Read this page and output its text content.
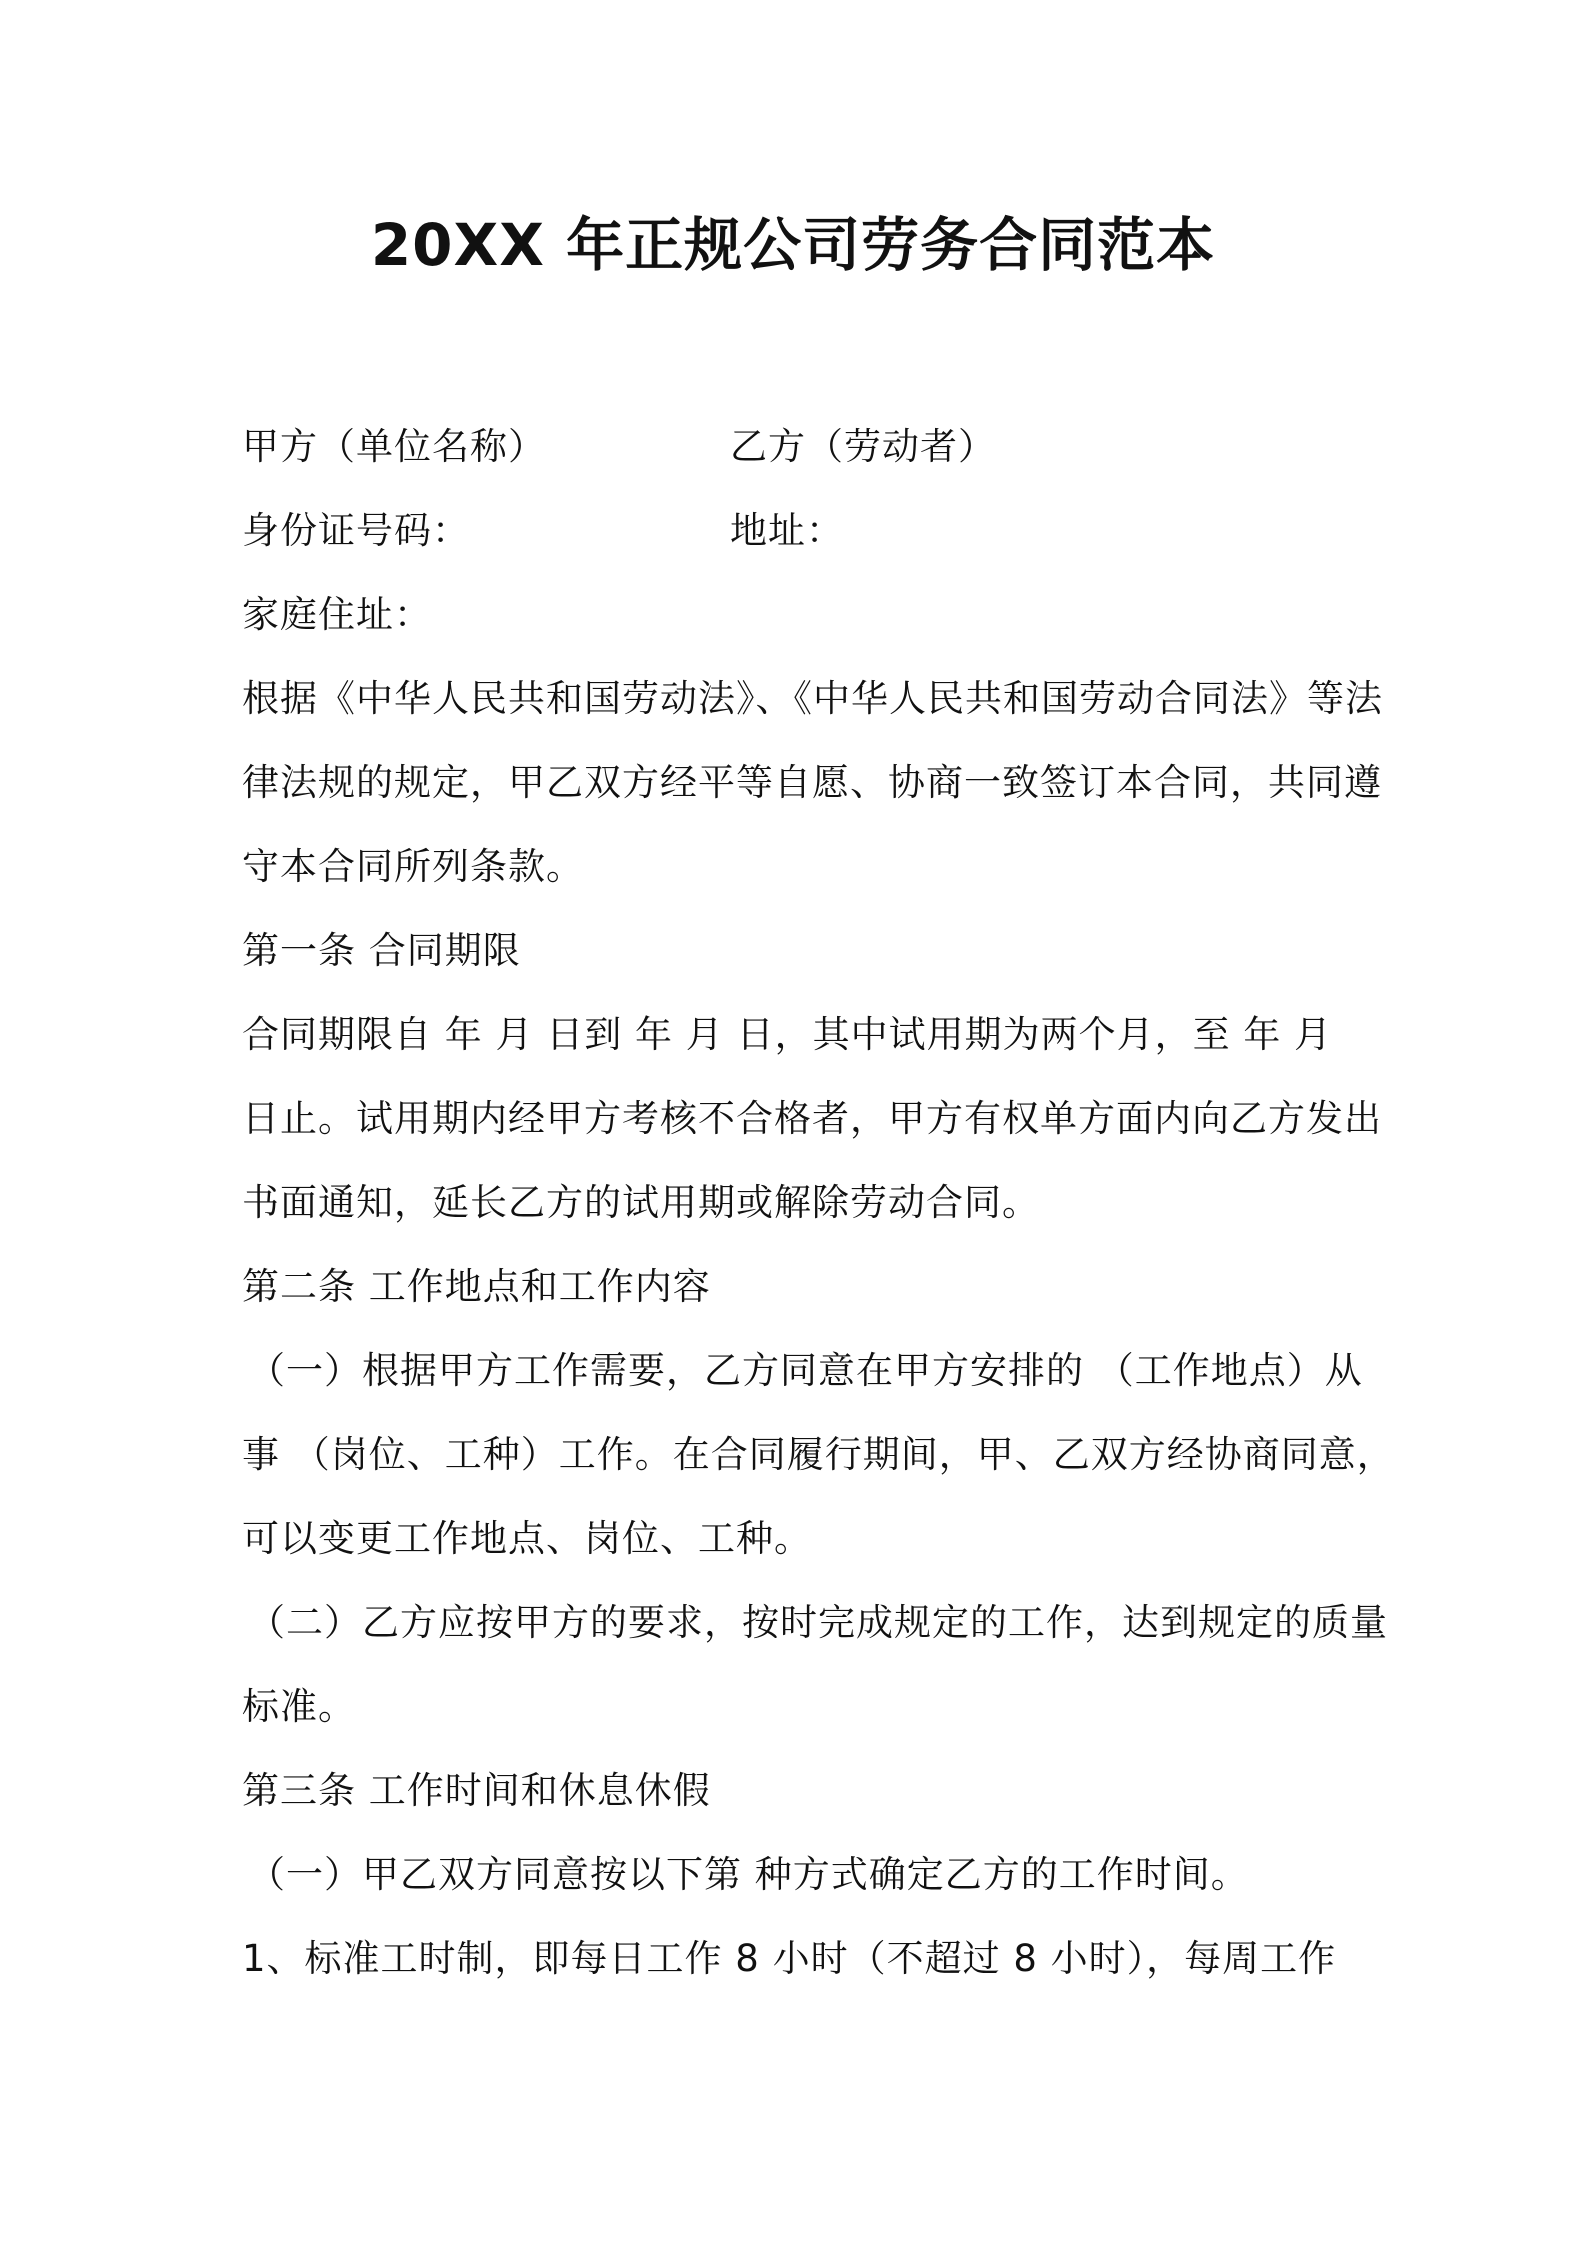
20XX 年正规公司劳务合同范本
甲方（单位名称）	乙方（劳动者）
身份证号码：	地址：
家庭住址：
根据《中华人民共和国劳动法》、《中华人民共和国劳动合同法》等法
律法规的规定，甲乙双方经平等自愿、协商一致签订本合同，共同遵
守本合同所列条款。
第一条 合同期限
合同期限自 年 月 日到 年 月 日，其中试用期为两个月，至 年 月
日止。试用期内经甲方考核不合格者，甲方有权单方面内向乙方发出
书面通知，延长乙方的试用期或解除劳动合同。
第二条 工作地点和工作内容
（一）根据甲方工作需要，乙方同意在甲方安排的 （工作地点）从
事 （岗位、工种）工作。在合同履行期间，甲、乙双方经协商同意，
可以变更工作地点、岗位、工种。
（二）乙方应按甲方的要求，按时完成规定的工作，达到规定的质量
标准。
第三条 工作时间和休息休假
（一）甲乙双方同意按以下第 种方式确定乙方的工作时间。
1、标准工时制，即每日工作 8 小时（不超过 8 小时），每周工作
